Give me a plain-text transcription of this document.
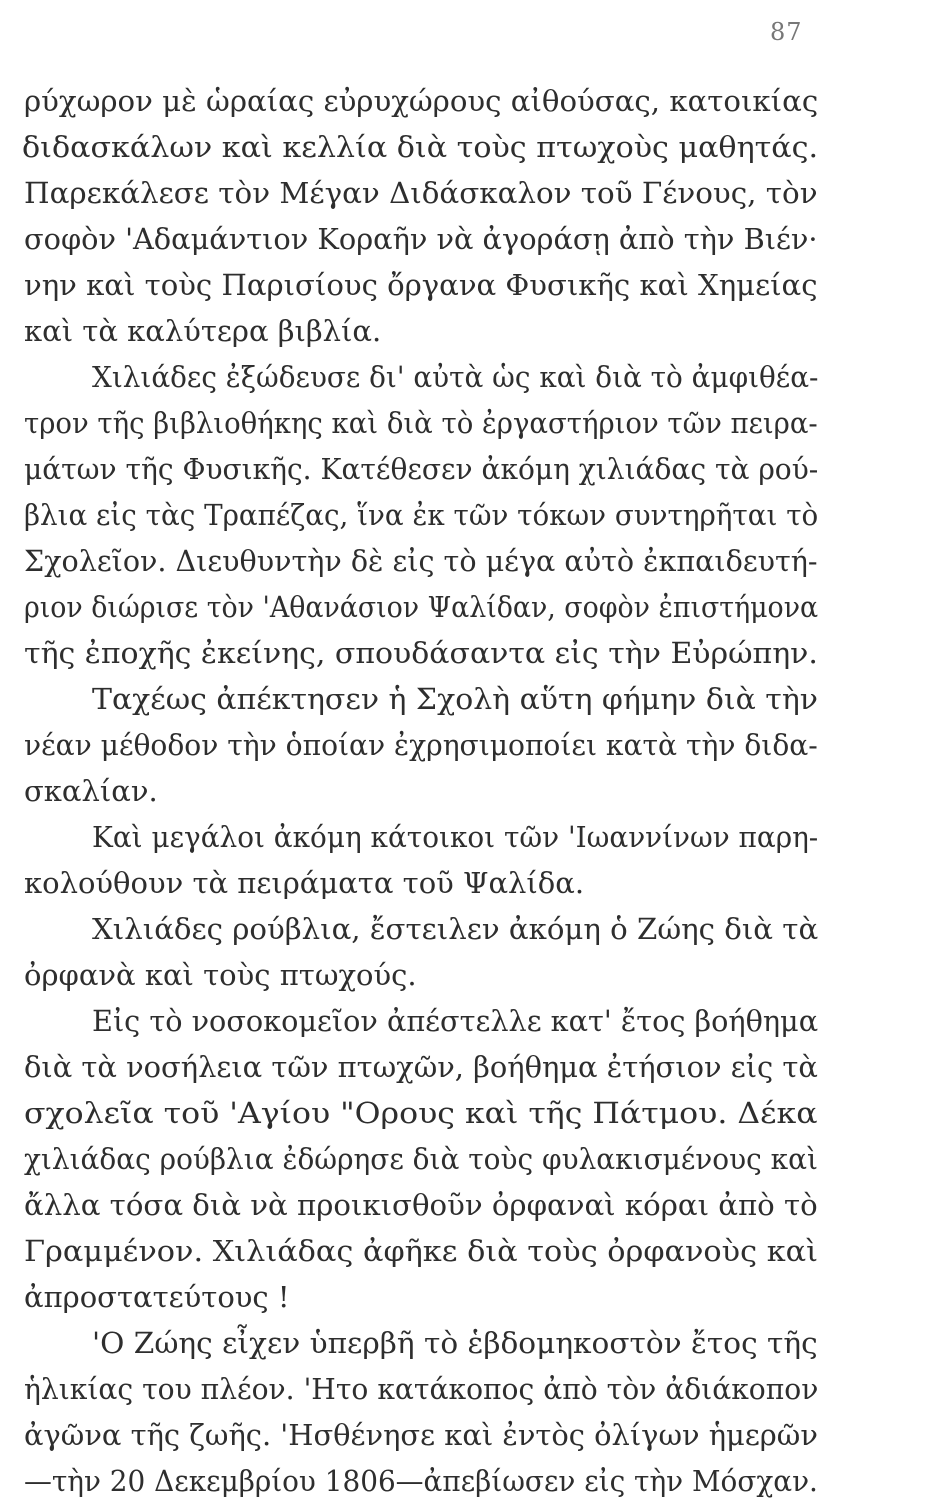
87
ρύχωρον μὲ ὡραίας εὐρυχώρους αἰθούσας, κατοικίας
διδασκάλων καὶ κελλία διὰ τοὺς πτωχοὺς μαθητάς.
Παρεκάλεσε τὸν Μέγαν Διδάσκαλον τοῦ Γένους, τὸν
σοφὸν 'Αδαμάντιον Κοραῆν νὰ ἀγοράσῃ ἀπὸ τὴν Βιέν·
νην καὶ τοὺς Παρισίους ὄργανα Φυσικῆς καὶ Χημείας
καὶ τὰ καλύτερα βιβλία.
Χιλιάδες ἐξώδευσε δι' αὐτὰ ὡς καὶ διὰ τὸ ἀμφιθέα-
τρον τῆς βιβλιοθήκης καὶ διὰ τὸ ἐργαστήριον τῶν πειρα-
μάτων τῆς Φυσικῆς. Κατέθεσεν ἀκόμη χιλιάδας τὰ ρού-
βλια εἰς τὰς Τραπέζας, ἵνα ἐκ τῶν τόκων συντηρῆται τὸ
Σχολεῖον. Διευθυντὴν δὲ εἰς τὸ μέγα αὐτὸ ἐκπαιδευτή-
ριον διώρισε τὸν 'Αθανάσιον Ψαλίδαν, σοφὸν ἐπιστήμονα
τῆς ἐποχῆς ἐκείνης, σπουδάσαντα εἰς τὴν Εὐρώπην.
Ταχέως ἀπέκτησεν ἡ Σχολὴ αὕτη φήμην διὰ τὴν
νέαν μέθοδον τὴν ὁποίαν ἐχρησιμοποίει κατὰ τὴν διδα-
σκαλίαν.
Καὶ μεγάλοι ἀκόμη κάτοικοι τῶν 'Ιωαννίνων παρη-
κολούθουν τὰ πειράματα τοῦ Ψαλίδα.
Χιλιάδες ρούβλια, ἔστειλεν ἀκόμη ὁ Ζώης διὰ τὰ
ὀρφανὰ καὶ τοὺς πτωχούς.
Εἰς τὸ νοσοκομεῖον ἀπέστελλε κατ' ἔτος βοήθημα
διὰ τὰ νοσήλεια τῶν πτωχῶν, βοήθημα ἐτήσιον εἰς τὰ
σχολεῖα τοῦ 'Αγίου "Ορους καὶ τῆς Πάτμου. Δέκα
χιλιάδας ρούβλια ἐδώρησε διὰ τοὺς φυλακισμένους καὶ
ἄλλα τόσα διὰ νὰ προικισθοῦν ὀρφαναὶ κόραι ἀπὸ τὸ
Γραμμένον. Χιλιάδας ἀφῆκε διὰ τοὺς ὀρφανοὺς καὶ
ἀπροστατεύτους !
'Ο Ζώης εἶχεν ὑπερβῆ τὸ ἑβδομηκοστὸν ἔτος τῆς
ἡλικίας του πλέον. 'Ητο κατάκοπος ἀπὸ τὸν ἀδιάκοπον
ἀγῶνα τῆς ζωῆς. 'Ησθένησε καὶ ἐντὸς ὀλίγων ἡμερῶν
—τὴν 20 Δεκεμβρίου 1806—ἀπεβίωσεν εἰς τὴν Μόσχαν.
